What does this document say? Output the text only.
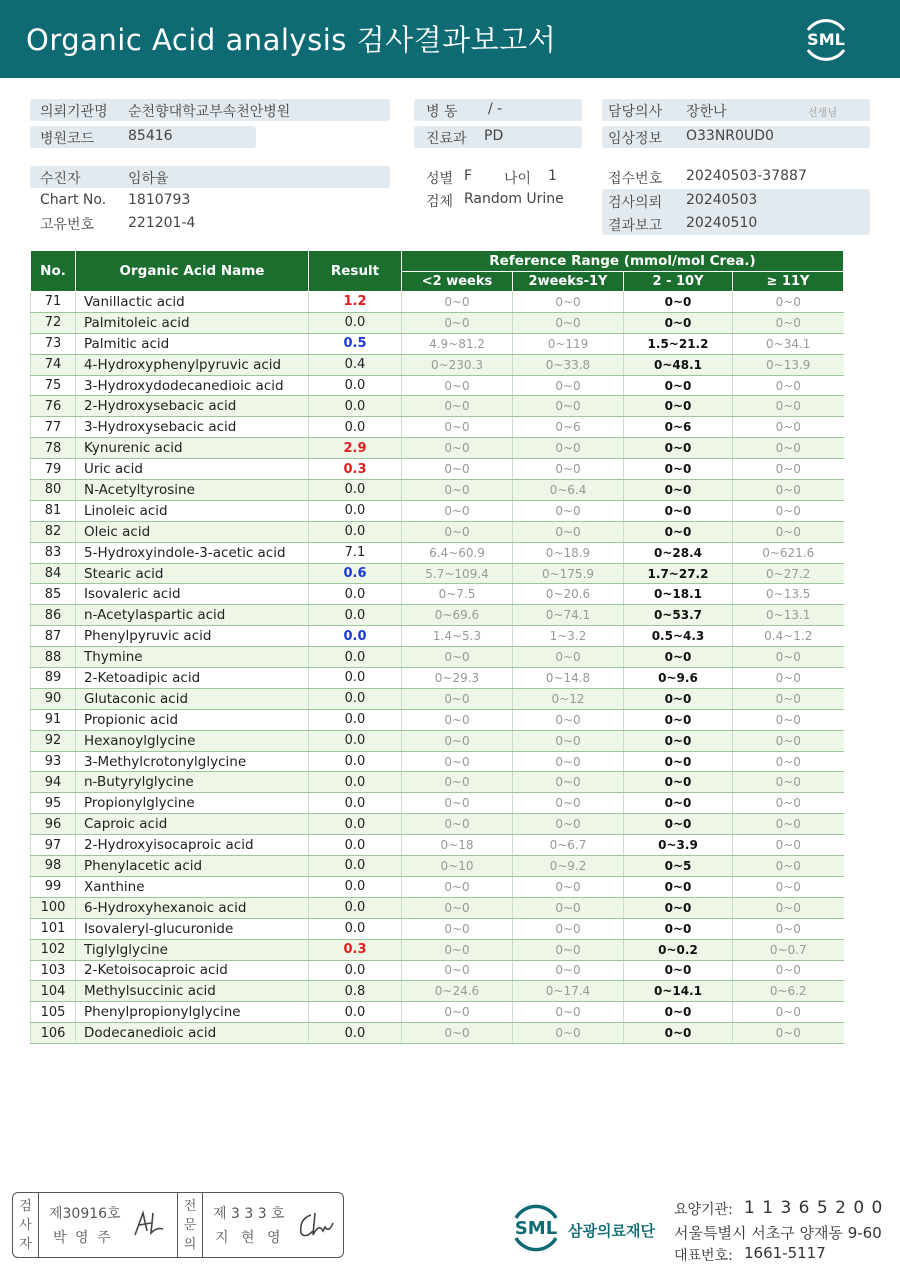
Organic Acid analysis 검사결과보고서	SML
의뢰기관명 순천향대학교부속천안병원
병원코드 85416
병 동 / -
진료과 PD
담당의사 장한나	선생님
임상정보 O33NR0UD0
수진자	임하율
Chart No. 1810793
고유번호 221201-4
성별 F 나이 1
검체 Random Urine
접수번호 20240503-37887
검사의뢰 20240503
결과보고 20240510
No.	Organic Acid Name	Result	Reference Range (mmol/mol Crea.)			
			<2 weeks	2weeks-1Y	2 - 10Y	≥ 11Y
71	Vanillactic acid	1.2	0~0	0~0	0~0	0~0
72	Palmitoleic acid	0.0	0~0	0~0	0~0	0~0
73	Palmitic acid	0.5	4.9~81.2	0~119	1.5~21.2	0~34.1
74	4-Hydroxyphenylpyruvic acid	0.4	0~230.3	0~33.8	0~48.1	0~13.9
75	3-Hydroxydodecanedioic acid	0.0	0~0	0~0	0~0	0~0
76	2-Hydroxysebacic acid	0.0	0~0	0~0	0~0	0~0
77	3-Hydroxysebacic acid	0.0	0~0	0~6	0~6	0~0
78	Kynurenic acid	2.9	0~0	0~0	0~0	0~0
79	Uric acid	0.3	0~0	0~0	0~0	0~0
80	N-Acetyltyrosine	0.0	0~0	0~6.4	0~0	0~0
81	Linoleic acid	0.0	0~0	0~0	0~0	0~0
82	Oleic acid	0.0	0~0	0~0	0~0	0~0
83	5-Hydroxyindole-3-acetic acid	7.1	6.4~60.9	0~18.9	0~28.4	0~621.6
84	Stearic acid	0.6	5.7~109.4	0~175.9	1.7~27.2	0~27.2
85	Isovaleric acid	0.0	0~7.5	0~20.6	0~18.1	0~13.5
86	n-Acetylaspartic acid	0.0	0~69.6	0~74.1	0~53.7	0~13.1
87	Phenylpyruvic acid	0.0	1.4~5.3	1~3.2	0.5~4.3	0.4~1.2
88	Thymine	0.0	0~0	0~0	0~0	0~0
89	2-Ketoadipic acid	0.0	0~29.3	0~14.8	0~9.6	0~0
90	Glutaconic acid	0.0	0~0	0~12	0~0	0~0
91	Propionic acid	0.0	0~0	0~0	0~0	0~0
92	Hexanoylglycine	0.0	0~0	0~0	0~0	0~0
93	3-Methylcrotonylglycine	0.0	0~0	0~0	0~0	0~0
94	n-Butyrylglycine	0.0	0~0	0~0	0~0	0~0
95	Propionylglycine	0.0	0~0	0~0	0~0	0~0
96	Caproic acid	0.0	0~0	0~0	0~0	0~0
97	2-Hydroxyisocaproic acid	0.0	0~18	0~6.7	0~3.9	0~0
98	Phenylacetic acid	0.0	0~10	0~9.2	0~5	0~0
99	Xanthine	0.0	0~0	0~0	0~0	0~0
100	6-Hydroxyhexanoic acid	0.0	0~0	0~0	0~0	0~0
101	Isovaleryl-glucuronide	0.0	0~0	0~0	0~0	0~0
102	Tiglylglycine	0.3	0~0	0~0	0~0.2	0~0.7
103	2-Ketoisocaproic acid	0.0	0~0	0~0	0~0	0~0
104	Methylsuccinic acid	0.8	0~24.6	0~17.4	0~14.1	0~6.2
105	Phenylpropionylglycine	0.0	0~0	0~0	0~0	0~0
106	Dodecanedioic acid	0.0	0~0	0~0	0~0	0~0
검사자
제30916호
박 영 주
전문의
제 3 3 3 호
지 현 영	SML 삼광의료재단
요양기관: 1 1 3 6 5 2 0 0
서울특별시 서초구 양재동 9-60
대표번호: 1661-5117
